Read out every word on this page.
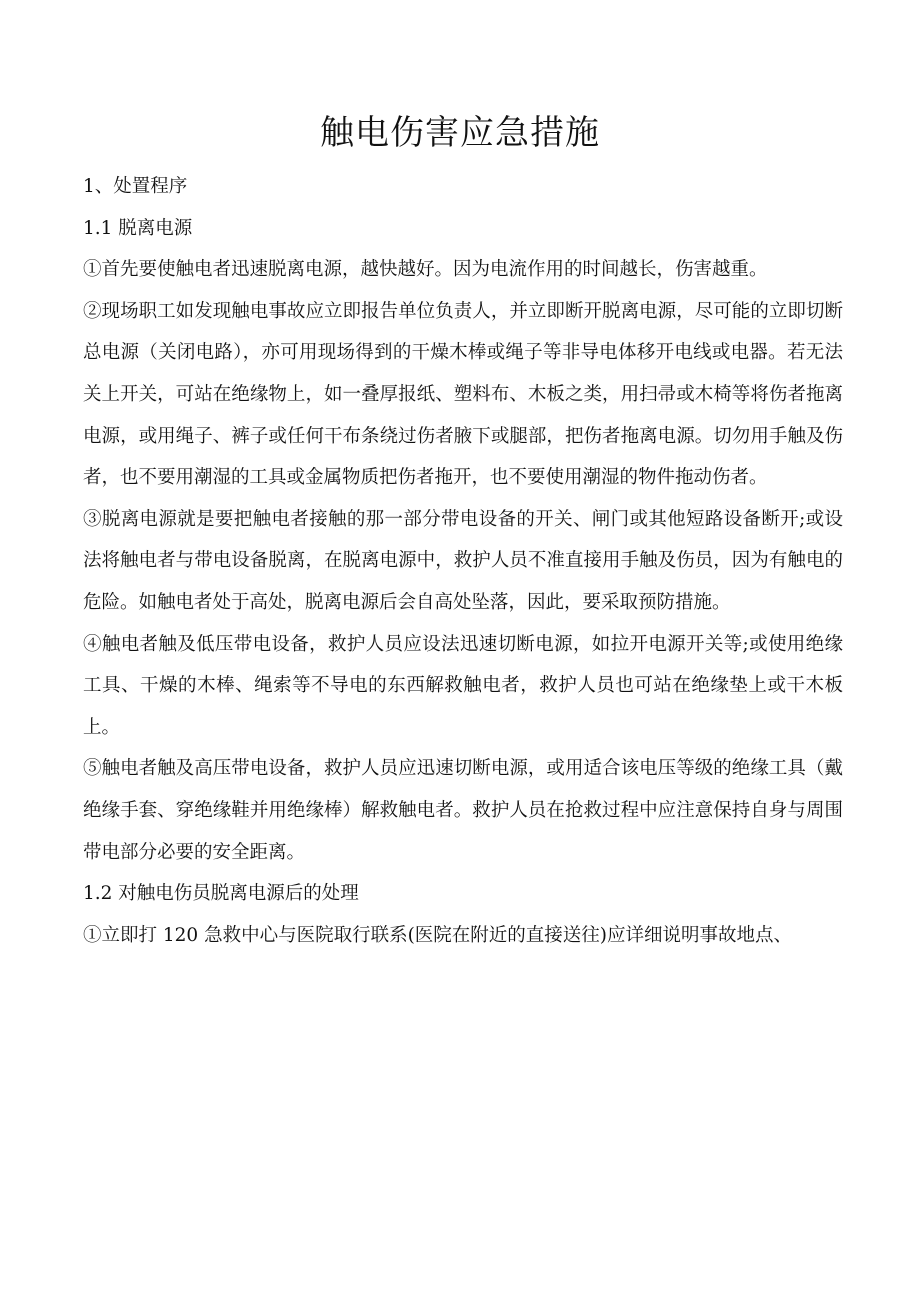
触电伤害应急措施

1、处置程序

1.1 脱离电源

①首先要使触电者迅速脱离电源，越快越好。因为电流作用的时间越长，伤害越重。

②现场职工如发现触电事故应立即报告单位负责人，并立即断开脱离电源，尽可能的立即切断总电源（关闭电路），亦可用现场得到的干燥木棒或绳子等非导电体移开电线或电器。若无法关上开关，可站在绝缘物上，如一叠厚报纸、塑料布、木板之类，用扫帚或木椅等将伤者拖离电源，或用绳子、裤子或任何干布条绕过伤者腋下或腿部，把伤者拖离电源。切勿用手触及伤者，也不要用潮湿的工具或金属物质把伤者拖开，也不要使用潮湿的物件拖动伤者。

③脱离电源就是要把触电者接触的那一部分带电设备的开关、闸门或其他短路设备断开;或设法将触电者与带电设备脱离，在脱离电源中，救护人员不准直接用手触及伤员，因为有触电的危险。如触电者处于高处，脱离电源后会自高处坠落，因此，要采取预防措施。

④触电者触及低压带电设备，救护人员应设法迅速切断电源，如拉开电源开关等;或使用绝缘工具、干燥的木棒、绳索等不导电的东西解救触电者，救护人员也可站在绝缘垫上或干木板上。

⑤触电者触及高压带电设备，救护人员应迅速切断电源，或用适合该电压等级的绝缘工具（戴绝缘手套、穿绝缘鞋并用绝缘棒）解救触电者。救护人员在抢救过程中应注意保持自身与周围带电部分必要的安全距离。

1.2 对触电伤员脱离电源后的处理

①立即打 120 急救中心与医院取行联系(医院在附近的直接送往)应详细说明事故地点、
